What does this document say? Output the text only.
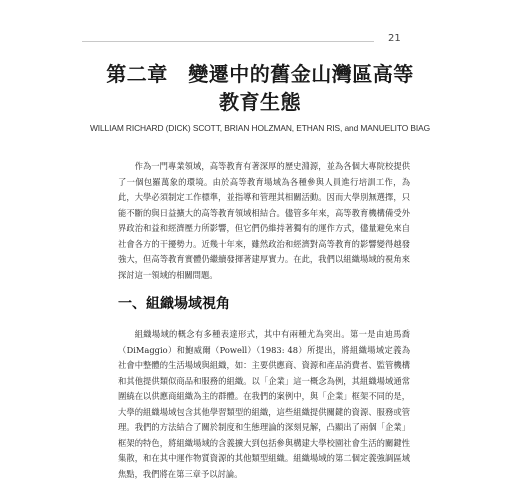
21
第二章　變遷中的舊金山灣區高等
教育生態
WILLIAM RICHARD (DICK) SCOTT, BRIAN HOLZMAN, ETHAN RIS, and MANUELITO BIAG

作為一門專業領域，高等教育有著深厚的歷史淵源，並為各個大專院校提供了一個包羅萬象的環境。由於高等教育場域為各種參與人員進行培訓工作，為此，大學必須制定工作標準，並指導和管理其相關活動。因而大學別無選擇，只能不斷的與日益擴大的高等教育領域相結合。儘管多年來，高等教育機構備受外界政治和益和經濟壓力所影響，但它們仍維持著獨有的運作方式，儘量避免來自社會各方的干擾勢力。近幾十年來，雖然政治和經濟對高等教育的影響變得越發強大，但高等教育實體仍繼續發揮著建厚實力。在此，我們以組織場域的視角來探討這一領域的相關問題。

一、組織場域視角

組織場域的概念有多種表達形式，其中有兩種尤為突出。第一是由迪馬喬（DiMaggio）和鮑威爾（Powell）（1983: 48）所提出，將組織場域定義為社會中整體的生活場域與組織，如：主要供應商、資源和產品消費者、監管機構和其他提供類似商品和服務的組織。以「企業」這一概念為例，其組織場域通常圍繞在以供應商組織為主的群體。在我們的案例中，與「企業」框架不同的是，大學的組織場域包含其他學習類型的組織，這些組織提供關鍵的資源、服務或管理。我們的方法結合了關於制度和生態理論的深刻見解，凸顯出了兩個「企業」框架的特色，將組織場域的含義擴大到包括參與構建大學校園社會生活的關鍵性集散，和在其中運作物質資源的其他類型組織。組織場域的第二個定義強調區域焦點，我們將在第三章予以討論。
